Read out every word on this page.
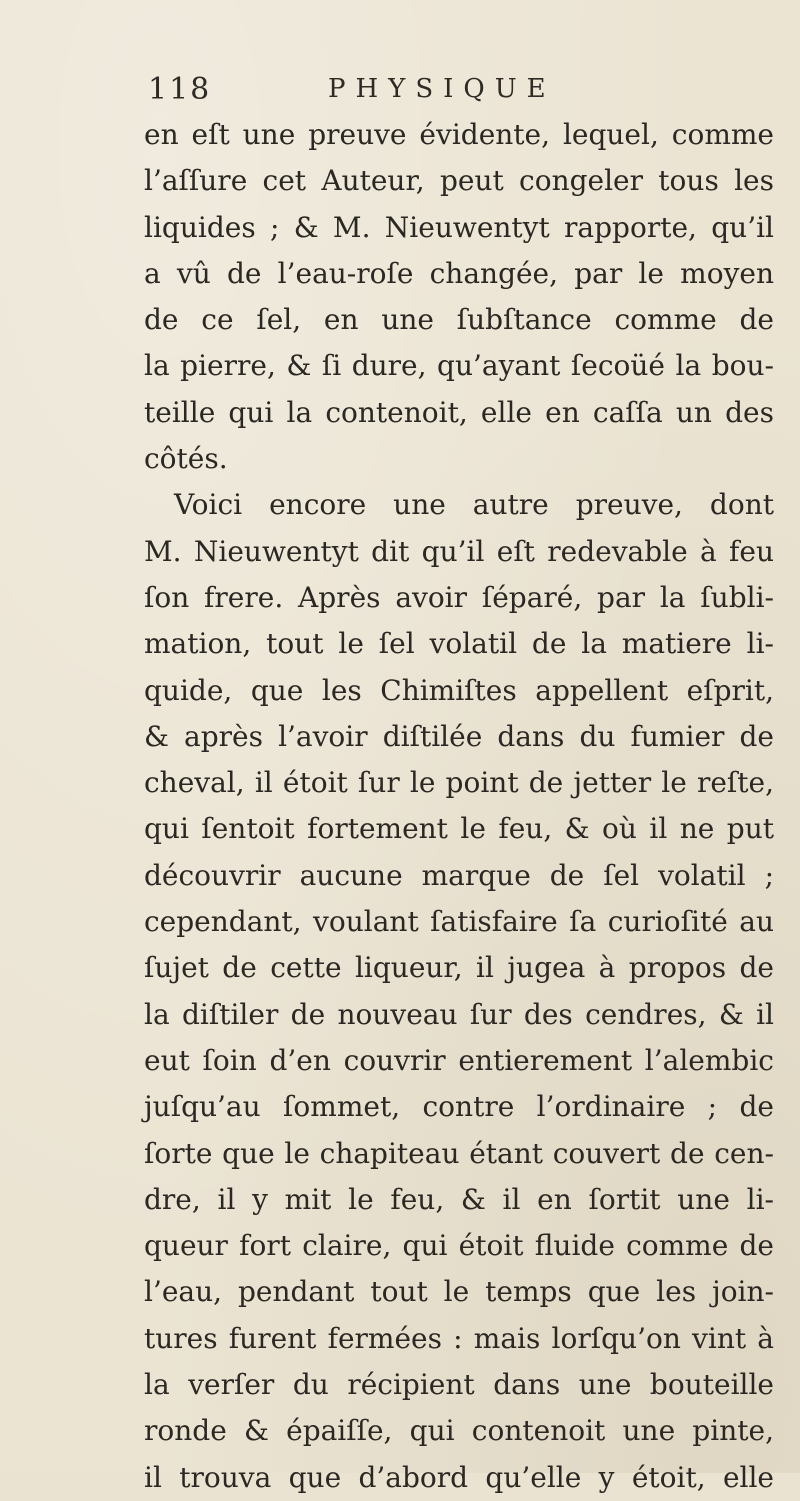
118	PHYSIQUE
en eſt une preuve évidente, lequel, comme
l’aſſure cet Auteur, peut congeler tous les
liquides ; & M. Nieuwentyt rapporte, qu’il
a vû de l’eau-roſe changée, par le moyen
de ce ſel, en une ſubſtance comme de
la pierre, & ſi dure, qu’ayant ſecoüé la bou-
teille qui la contenoit, elle en caſſa un des
côtés.
Voici encore une autre preuve, dont
M. Nieuwentyt dit qu’il eſt redevable à feu
ſon frere. Après avoir ſéparé, par la ſubli-
mation, tout le ſel volatil de la matiere li-
quide, que les Chimiſtes appellent eſprit,
& après l’avoir diſtilée dans du fumier de
cheval, il étoit ſur le point de jetter le reſte,
qui ſentoit fortement le feu, & où il ne put
découvrir aucune marque de ſel volatil ;
cependant, voulant ſatisfaire ſa curioſité au
ſujet de cette liqueur, il jugea à propos de
la diſtiler de nouveau ſur des cendres, & il
eut ſoin d’en couvrir entierement l’alembic
juſqu’au ſommet, contre l’ordinaire ; de
ſorte que le chapiteau étant couvert de cen-
dre, il y mit le feu, & il en ſortit une li-
queur fort claire, qui étoit fluide comme de
l’eau, pendant tout le temps que les join-
tures furent fermées : mais lorſqu’on vint à
la verſer du récipient dans une bouteille
ronde & épaiſſe, qui contenoit une pinte,
il trouva que d’abord qu’elle y étoit, elle
